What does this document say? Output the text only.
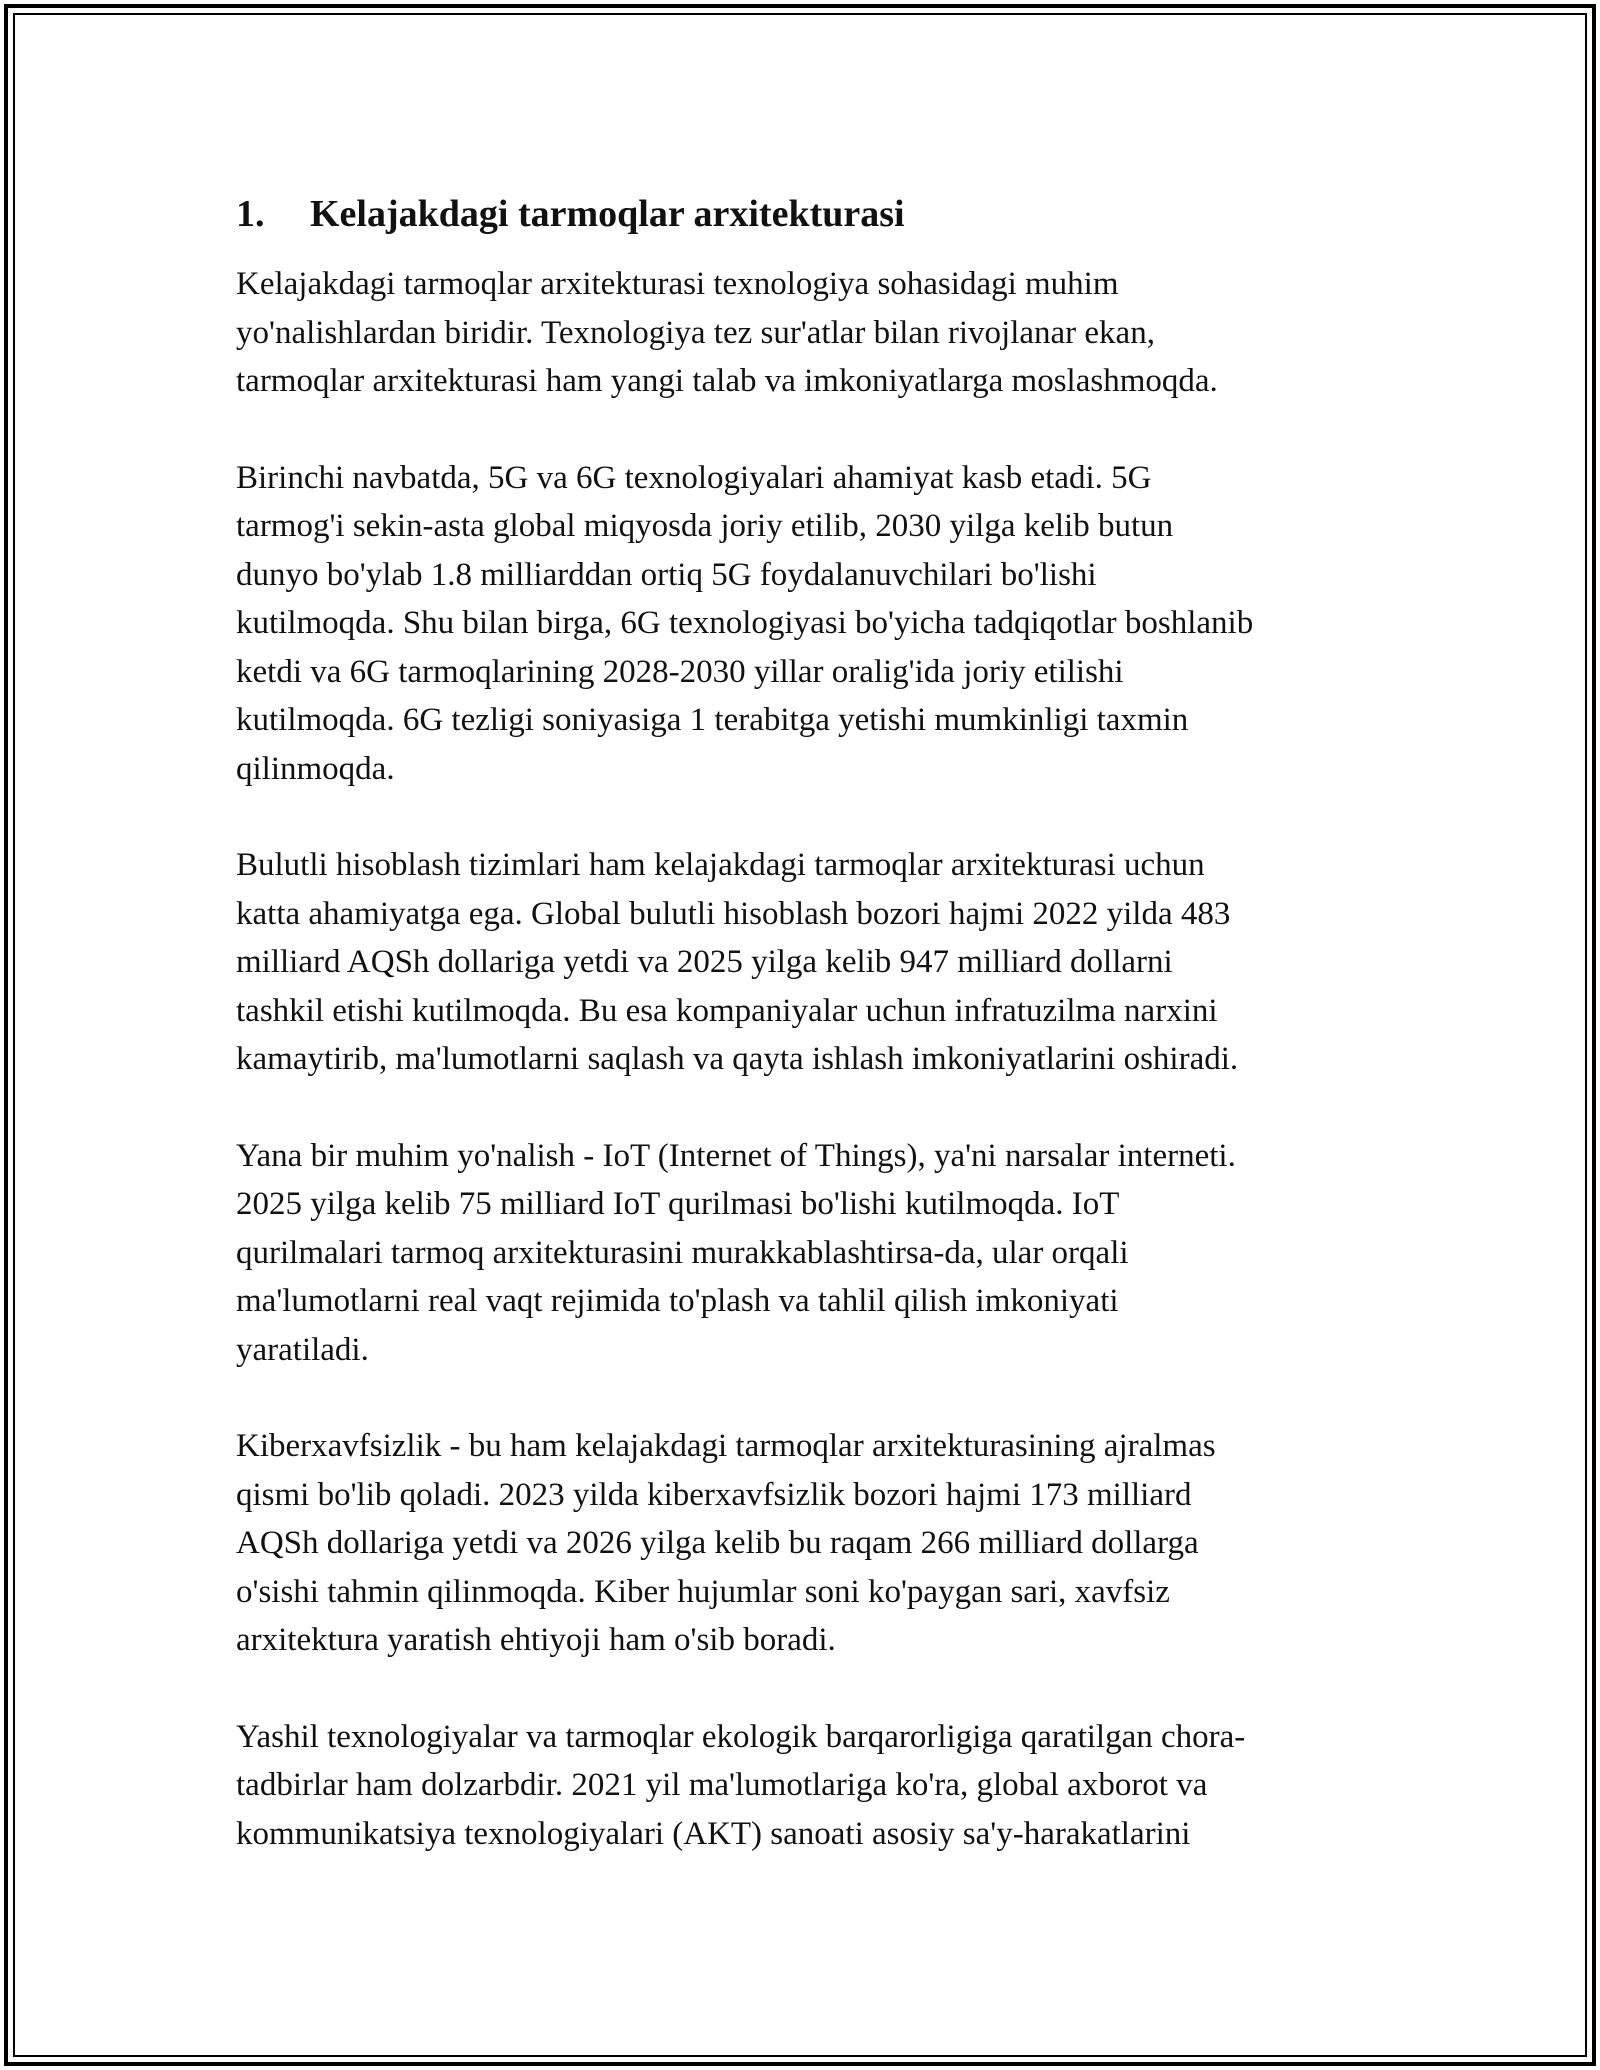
1.	Kelajakdagi tarmoqlar arxitekturasi

Kelajakdagi tarmoqlar arxitekturasi texnologiya sohasidagi muhim
yo'nalishlardan biridir. Texnologiya tez sur'atlar bilan rivojlanar ekan,
tarmoqlar arxitekturasi ham yangi talab va imkoniyatlarga moslashmoqda.

Birinchi navbatda, 5G va 6G texnologiyalari ahamiyat kasb etadi. 5G
tarmog'i sekin-asta global miqyosda joriy etilib, 2030 yilga kelib butun
dunyo bo'ylab 1.8 milliarddan ortiq 5G foydalanuvchilari bo'lishi
kutilmoqda. Shu bilan birga, 6G texnologiyasi bo'yicha tadqiqotlar boshlanib
ketdi va 6G tarmoqlarining 2028-2030 yillar oralig'ida joriy etilishi
kutilmoqda. 6G tezligi soniyasiga 1 terabitga yetishi mumkinligi taxmin
qilinmoqda.

Bulutli hisoblash tizimlari ham kelajakdagi tarmoqlar arxitekturasi uchun
katta ahamiyatga ega. Global bulutli hisoblash bozori hajmi 2022 yilda 483
milliard AQSh dollariga yetdi va 2025 yilga kelib 947 milliard dollarni
tashkil etishi kutilmoqda. Bu esa kompaniyalar uchun infratuzilma narxini
kamaytirib, ma'lumotlarni saqlash va qayta ishlash imkoniyatlarini oshiradi.

Yana bir muhim yo'nalish - IoT (Internet of Things), ya'ni narsalar interneti.
2025 yilga kelib 75 milliard IoT qurilmasi bo'lishi kutilmoqda. IoT
qurilmalari tarmoq arxitekturasini murakkablashtirsa-da, ular orqali
ma'lumotlarni real vaqt rejimida to'plash va tahlil qilish imkoniyati
yaratiladi.

Kiberxavfsizlik - bu ham kelajakdagi tarmoqlar arxitekturasining ajralmas
qismi bo'lib qoladi. 2023 yilda kiberxavfsizlik bozori hajmi 173 milliard
AQSh dollariga yetdi va 2026 yilga kelib bu raqam 266 milliard dollarga
o'sishi tahmin qilinmoqda. Kiber hujumlar soni ko'paygan sari, xavfsiz
arxitektura yaratish ehtiyoji ham o'sib boradi.

Yashil texnologiyalar va tarmoqlar ekologik barqarorligiga qaratilgan chora-
tadbirlar ham dolzarbdir. 2021 yil ma'lumotlariga ko'ra, global axborot va
kommunikatsiya texnologiyalari (AKT) sanoati asosiy sa'y-harakatlarini
